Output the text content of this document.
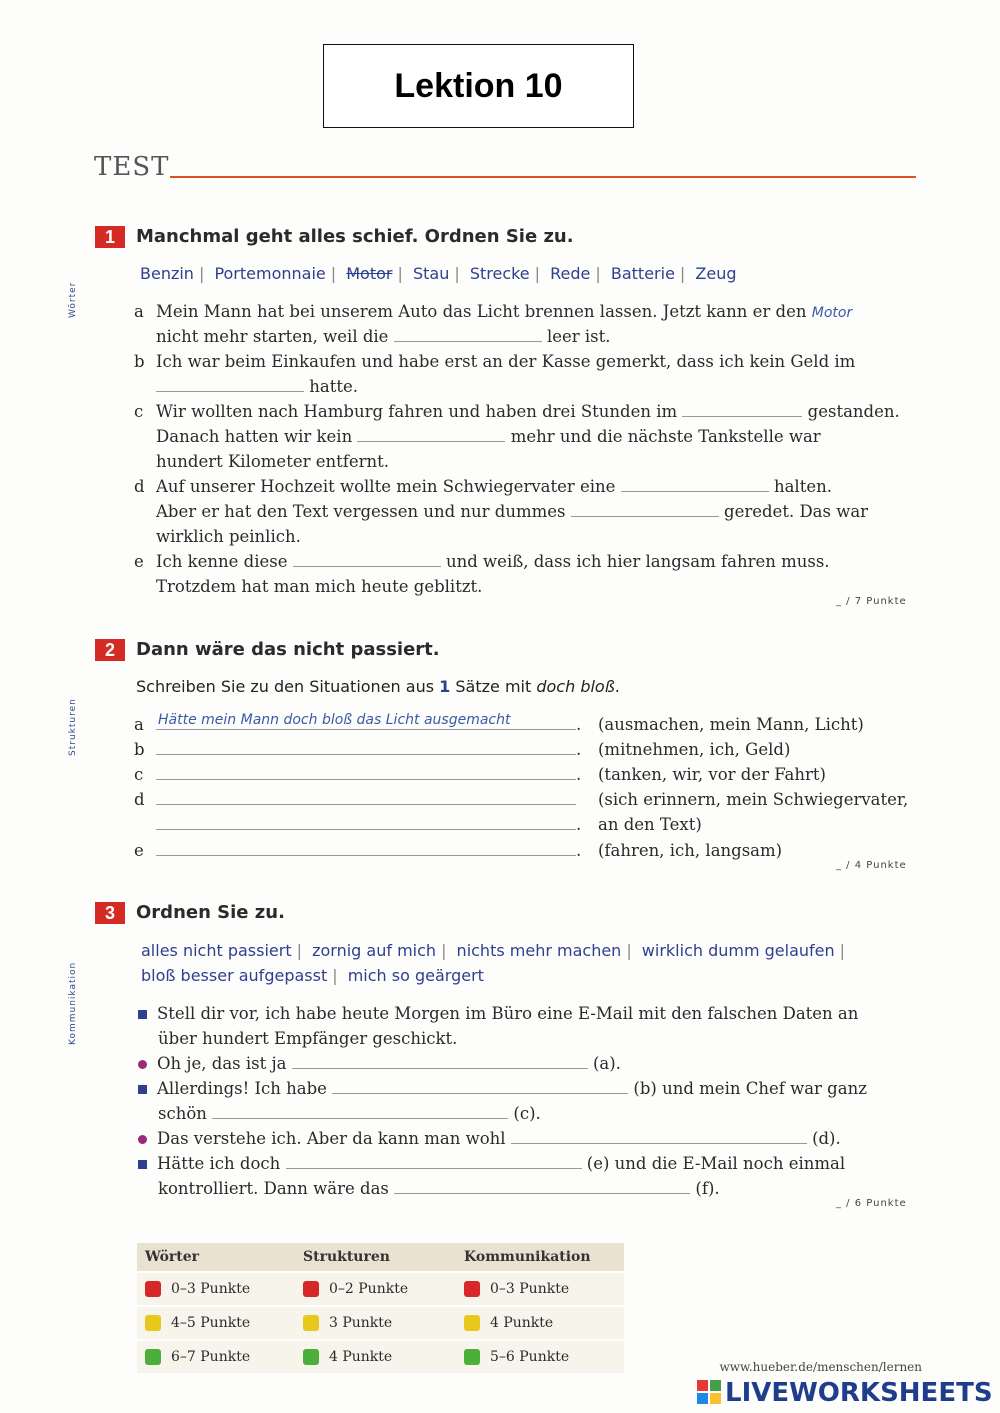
Lektion 10
TEST
1	Manchmal geht alles schief. Ordnen Sie zu.
Wörter
Benzin | Portemonnaie | Motor | Stau | Strecke | Rede | Batterie | Zeug
a Mein Mann hat bei unserem Auto das Licht brennen lassen. Jetzt kann er den Motor
nicht mehr starten, weil die	leer ist.
b Ich war beim Einkaufen und habe erst an der Kasse gemerkt, dass ich kein Geld im
hatte.
c Wir wollten nach Hamburg fahren und haben drei Stunden im	gestanden.
Danach hatten wir kein	mehr und die nächste Tankstelle war
hundert Kilometer entfernt.
d Auf unserer Hochzeit wollte mein Schwiegervater eine	halten.
Aber er hat den Text vergessen und nur dummes	geredet. Das war
wirklich peinlich.
e Ich kenne diese	und weiß, dass ich hier langsam fahren muss.
Trotzdem hat man mich heute geblitzt.
_ / 7 Punkte
2	Dann wäre das nicht passiert.
Strukturen
Schreiben Sie zu den Situationen aus 1 Sätze mit doch bloß.
a Hätte mein Mann doch bloß das Licht ausgemacht	. (ausmachen, mein Mann, Licht)
b	. (mitnehmen, ich, Geld)
c	. (tanken, wir, vor der Fahrt)
d	(sich erinnern, mein Schwiegervater,
. an den Text)
e	. (fahren, ich, langsam)
_ / 4 Punkte
3	Ordnen Sie zu.
Kommunikation
alles nicht passiert | zornig auf mich | nichts mehr machen | wirklich dumm gelaufen |
bloß besser aufgepasst | mich so geärgert
Stell dir vor, ich habe heute Morgen im Büro eine E-Mail mit den falschen Daten an
über hundert Empfänger geschickt.
Oh je, das ist ja	(a).
Allerdings! Ich habe	(b) und mein Chef war ganz
schön	(c).
Das verstehe ich. Aber da kann man wohl	(d).
Hätte ich doch	(e) und die E-Mail noch einmal
kontrolliert. Dann wäre das	(f).
_ / 6 Punkte
Wörter	Strukturen	Kommunikation
0–3 Punkte	0–2 Punkte	0–3 Punkte
4–5 Punkte	3 Punkte	4 Punkte
6–7 Punkte	4 Punkte	5–6 Punkte
www.hueber.de/menschen/lernen
LIVEWORKSHEETS
